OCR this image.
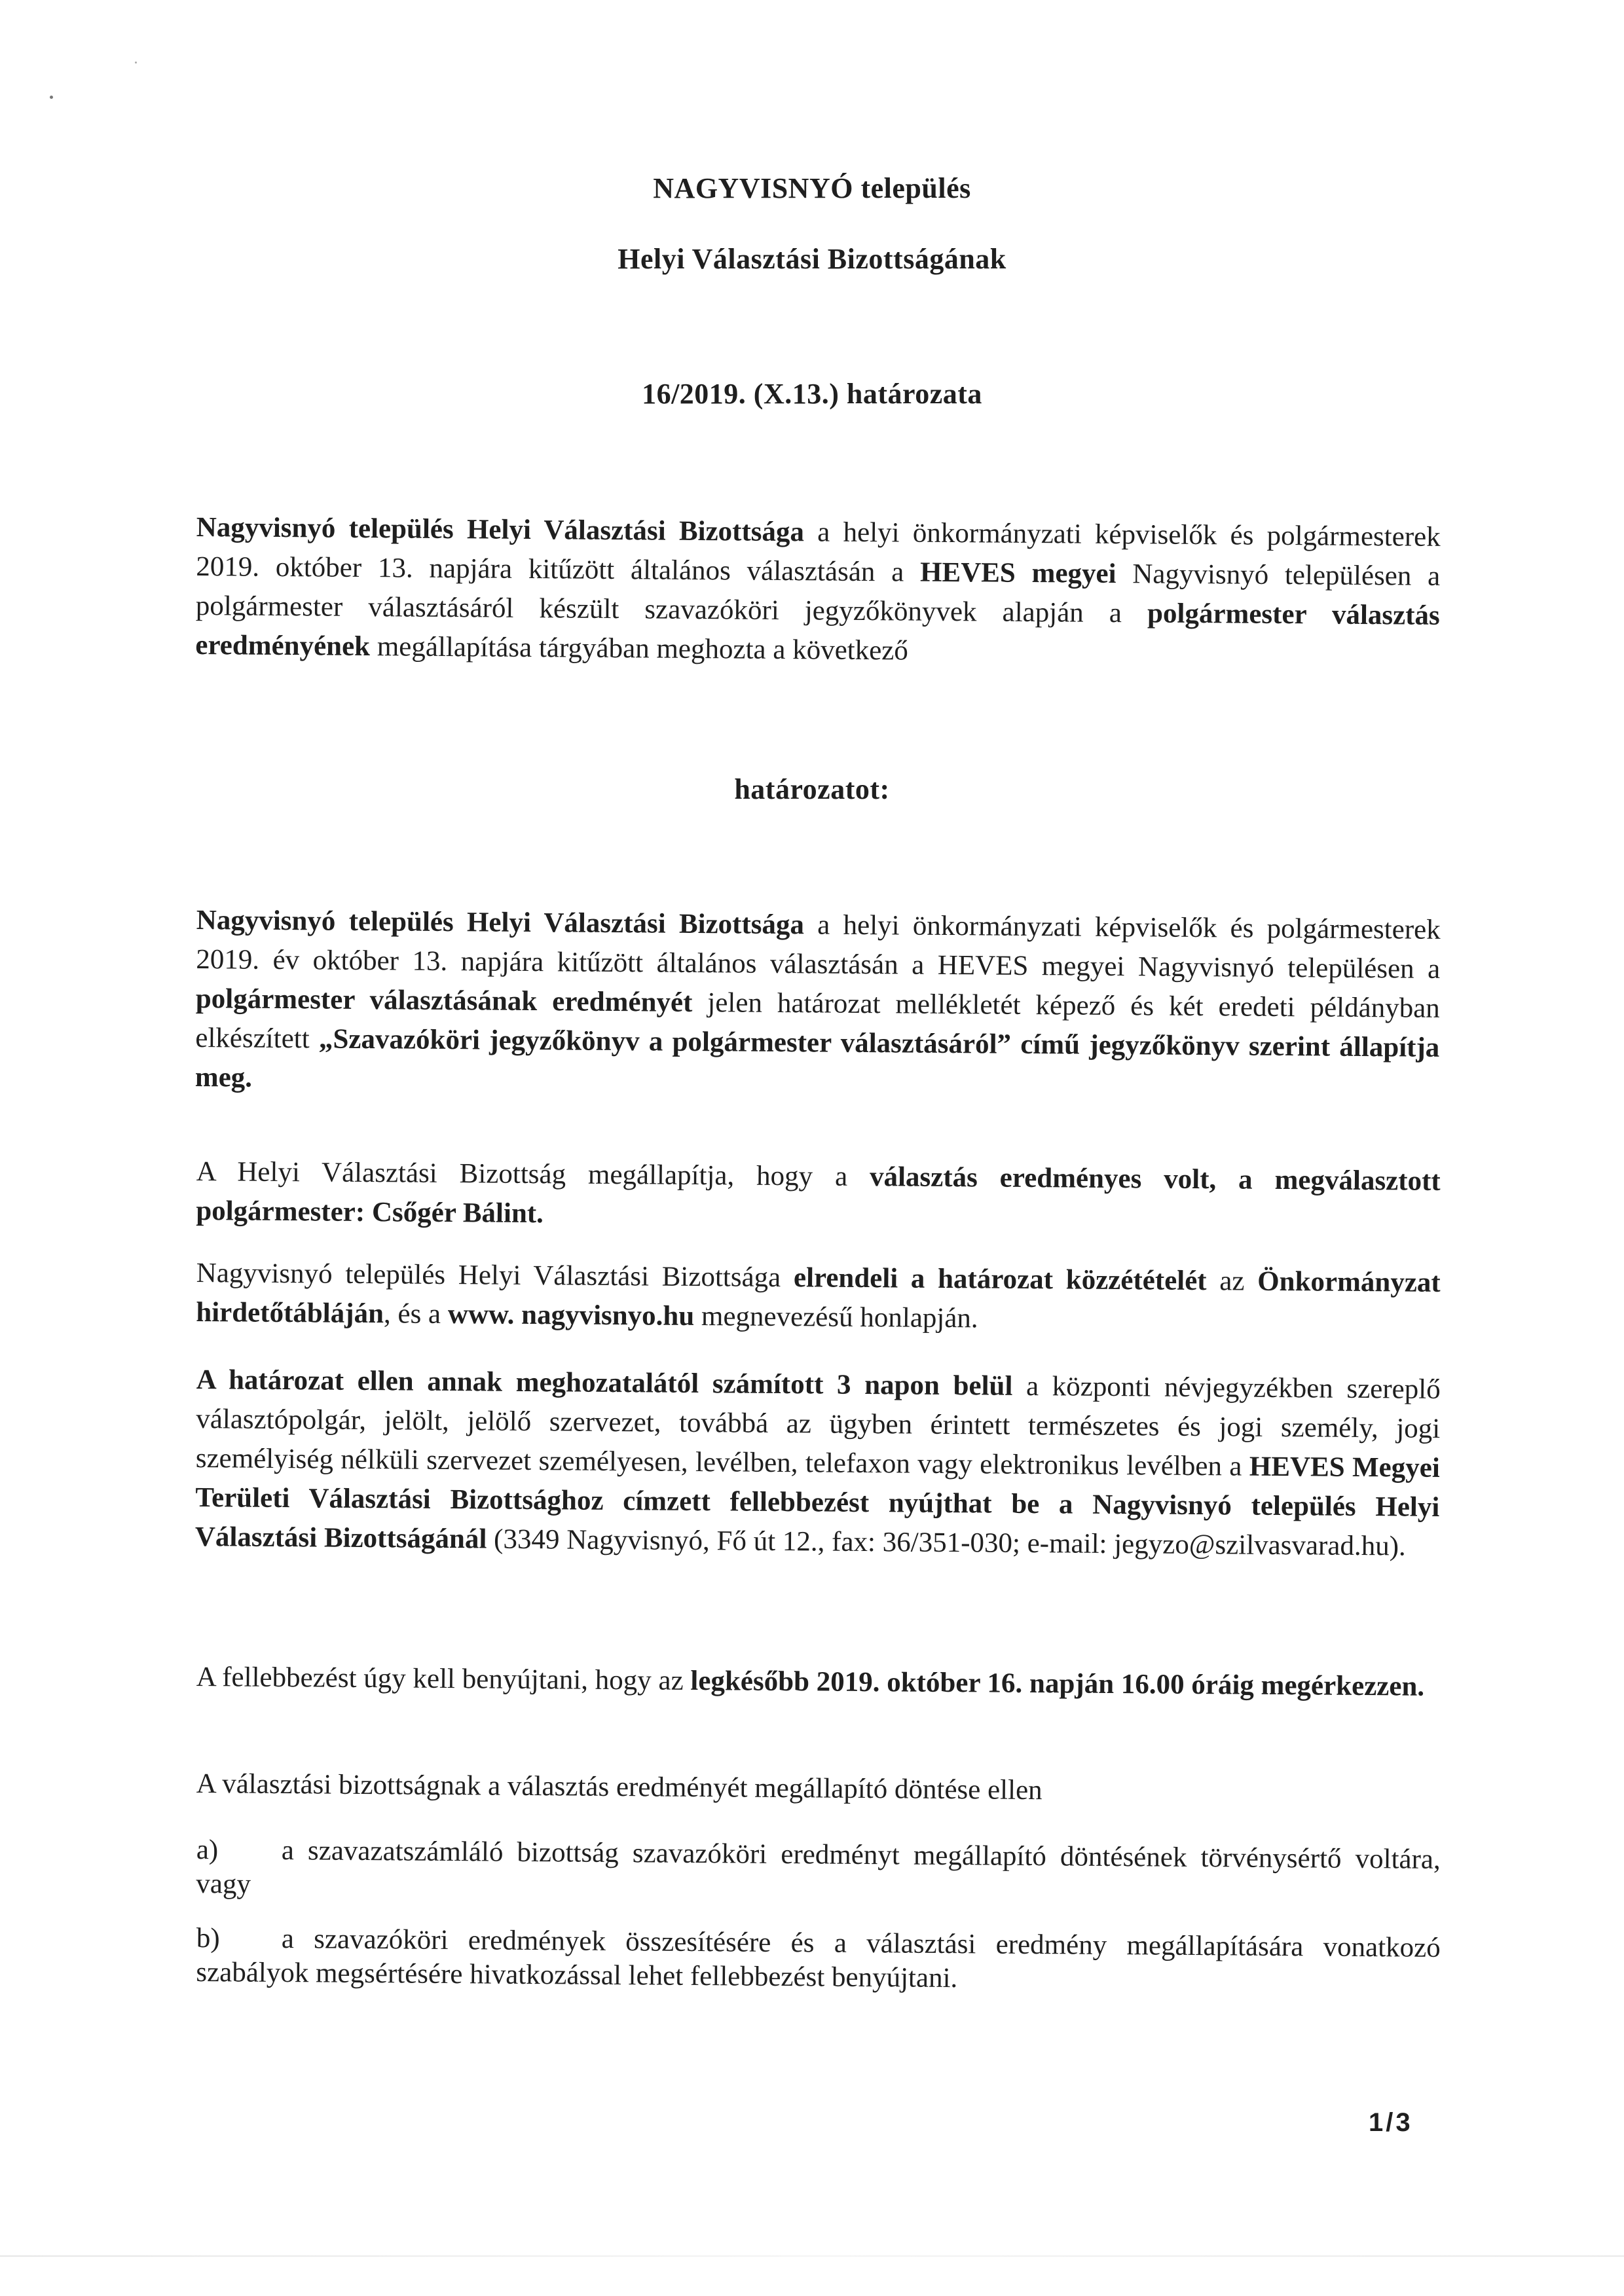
NAGYVISNYÓ település
Helyi Választási Bizottságának
16/2019. (X.13.) határozata

Nagyvisnyó település Helyi Választási Bizottsága a helyi önkormányzati képviselők és polgármesterek 2019. október 13. napjára kitűzött általános választásán a HEVES megyei Nagyvisnyó településen a polgármester választásáról készült szavazóköri jegyzőkönyvek alapján a polgármester választás eredményének megállapítása tárgyában meghozta a következő

határozatot:

Nagyvisnyó település Helyi Választási Bizottsága a helyi önkormányzati képviselők és polgármesterek 2019. év október 13. napjára kitűzött általános választásán a HEVES megyei Nagyvisnyó településen a polgármester választásának eredményét jelen határozat mellékletét képező és két eredeti példányban elkészített „Szavazóköri jegyzőkönyv a polgármester választásáról” című jegyzőkönyv szerint állapítja meg.

A Helyi Választási Bizottság megállapítja, hogy a választás eredményes volt, a megválasztott polgármester: Csőgér Bálint.

Nagyvisnyó település Helyi Választási Bizottsága elrendeli a határozat közzétételét az Önkormányzat hirdetőtábláján, és a www. nagyvisnyo.hu megnevezésű honlapján.

A határozat ellen annak meghozatalától számított 3 napon belül a központi névjegyzékben szereplő választópolgár, jelölt, jelölő szervezet, továbbá az ügyben érintett természetes és jogi személy, jogi személyiség nélküli szervezet személyesen, levélben, telefaxon vagy elektronikus levélben a HEVES Megyei Területi Választási Bizottsághoz címzett fellebbezést nyújthat be a Nagyvisnyó település Helyi Választási Bizottságánál (3349 Nagyvisnyó, Fő út 12., fax: 36/351-030; e-mail: jegyzo@szilvasvarad.hu).

A fellebbezést úgy kell benyújtani, hogy az legkésőbb 2019. október 16. napján 16.00 óráig megérkezzen.

A választási bizottságnak a választás eredményét megállapító döntése ellen

a) a szavazatszámláló bizottság szavazóköri eredményt megállapító döntésének törvénysértő voltára, vagy
b) a szavazóköri eredmények összesítésére és a választási eredmény megállapítására vonatkozó szabályok megsértésére hivatkozással lehet fellebbezést benyújtani.
1/3
